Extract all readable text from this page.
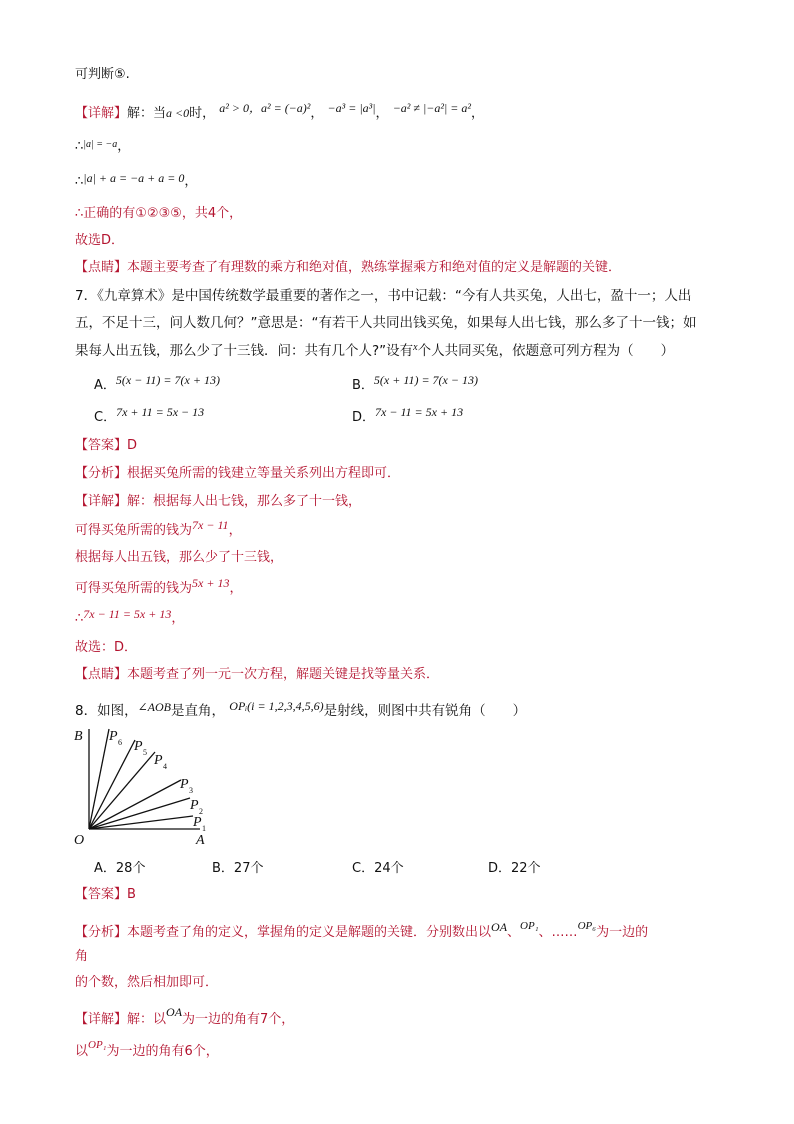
可判断⑤.
【详解】解：当a <0时， a² > 0，a² = (−a)²， −a³ = |a³|， −a² ≠ |−a²| = a²，
∴$^{|a| = -a}$，
∴|a| + a = −a + a = 0，
∴正确的有①②③⑤，共4个，
故选D．
【点睛】本题主要考查了有理数的乘方和绝对值，熟练掌握乘方和绝对值的定义是解题的关键．
7．《九章算术》是中国传统数学最重要的著作之一，书中记载：“今有人共买兔，人出七，盈十一；人出
五，不足十三，问人数几何？”意思是：“有若干人共同出钱买兔，如果每人出七钱，那么多了十一钱；如
果每人出五钱，那么少了十三钱．问：共有几个人?”设有$^x$个人共同买兔，依题意可列方程为（　　）
A．5(x − 11) = 7(x + 13)	B．5(x + 11) = 7(x − 13)
C．7x + 11 = 5x − 13	D．7x − 11 = 5x + 13
【答案】D
【分析】根据买兔所需的钱建立等量关系列出方程即可．
【详解】解：根据每人出七钱，那么多了十一钱，
可得买兔所需的钱为7x − 11，
根据每人出五钱，那么少了十三钱，
可得买兔所需的钱为5x + 13，
∴7x − 11 = 5x + 13，
故选：D．
【点睛】本题考查了列一元一次方程，解题关键是找等量关系．
8．如图，∠AOB是直角， OPᵢ(i = 1,2,3,4,5,6)是射线，则图中共有锐角（　　）
B
O	A
P 6 P 5
P 4
P 3
P 2
P 1
A．28个	B．27个	C．24个	D．22个
【答案】B
【分析】本题考查了角的定义，掌握角的定义是解题的关键．分别数出以OA、$^{OP_1}$、……$^{OP_6}$为一边的
角
的个数，然后相加即可．
【详解】解：以OA为一边的角有7个，
以$^{OP_1}$为一边的角有6个，
